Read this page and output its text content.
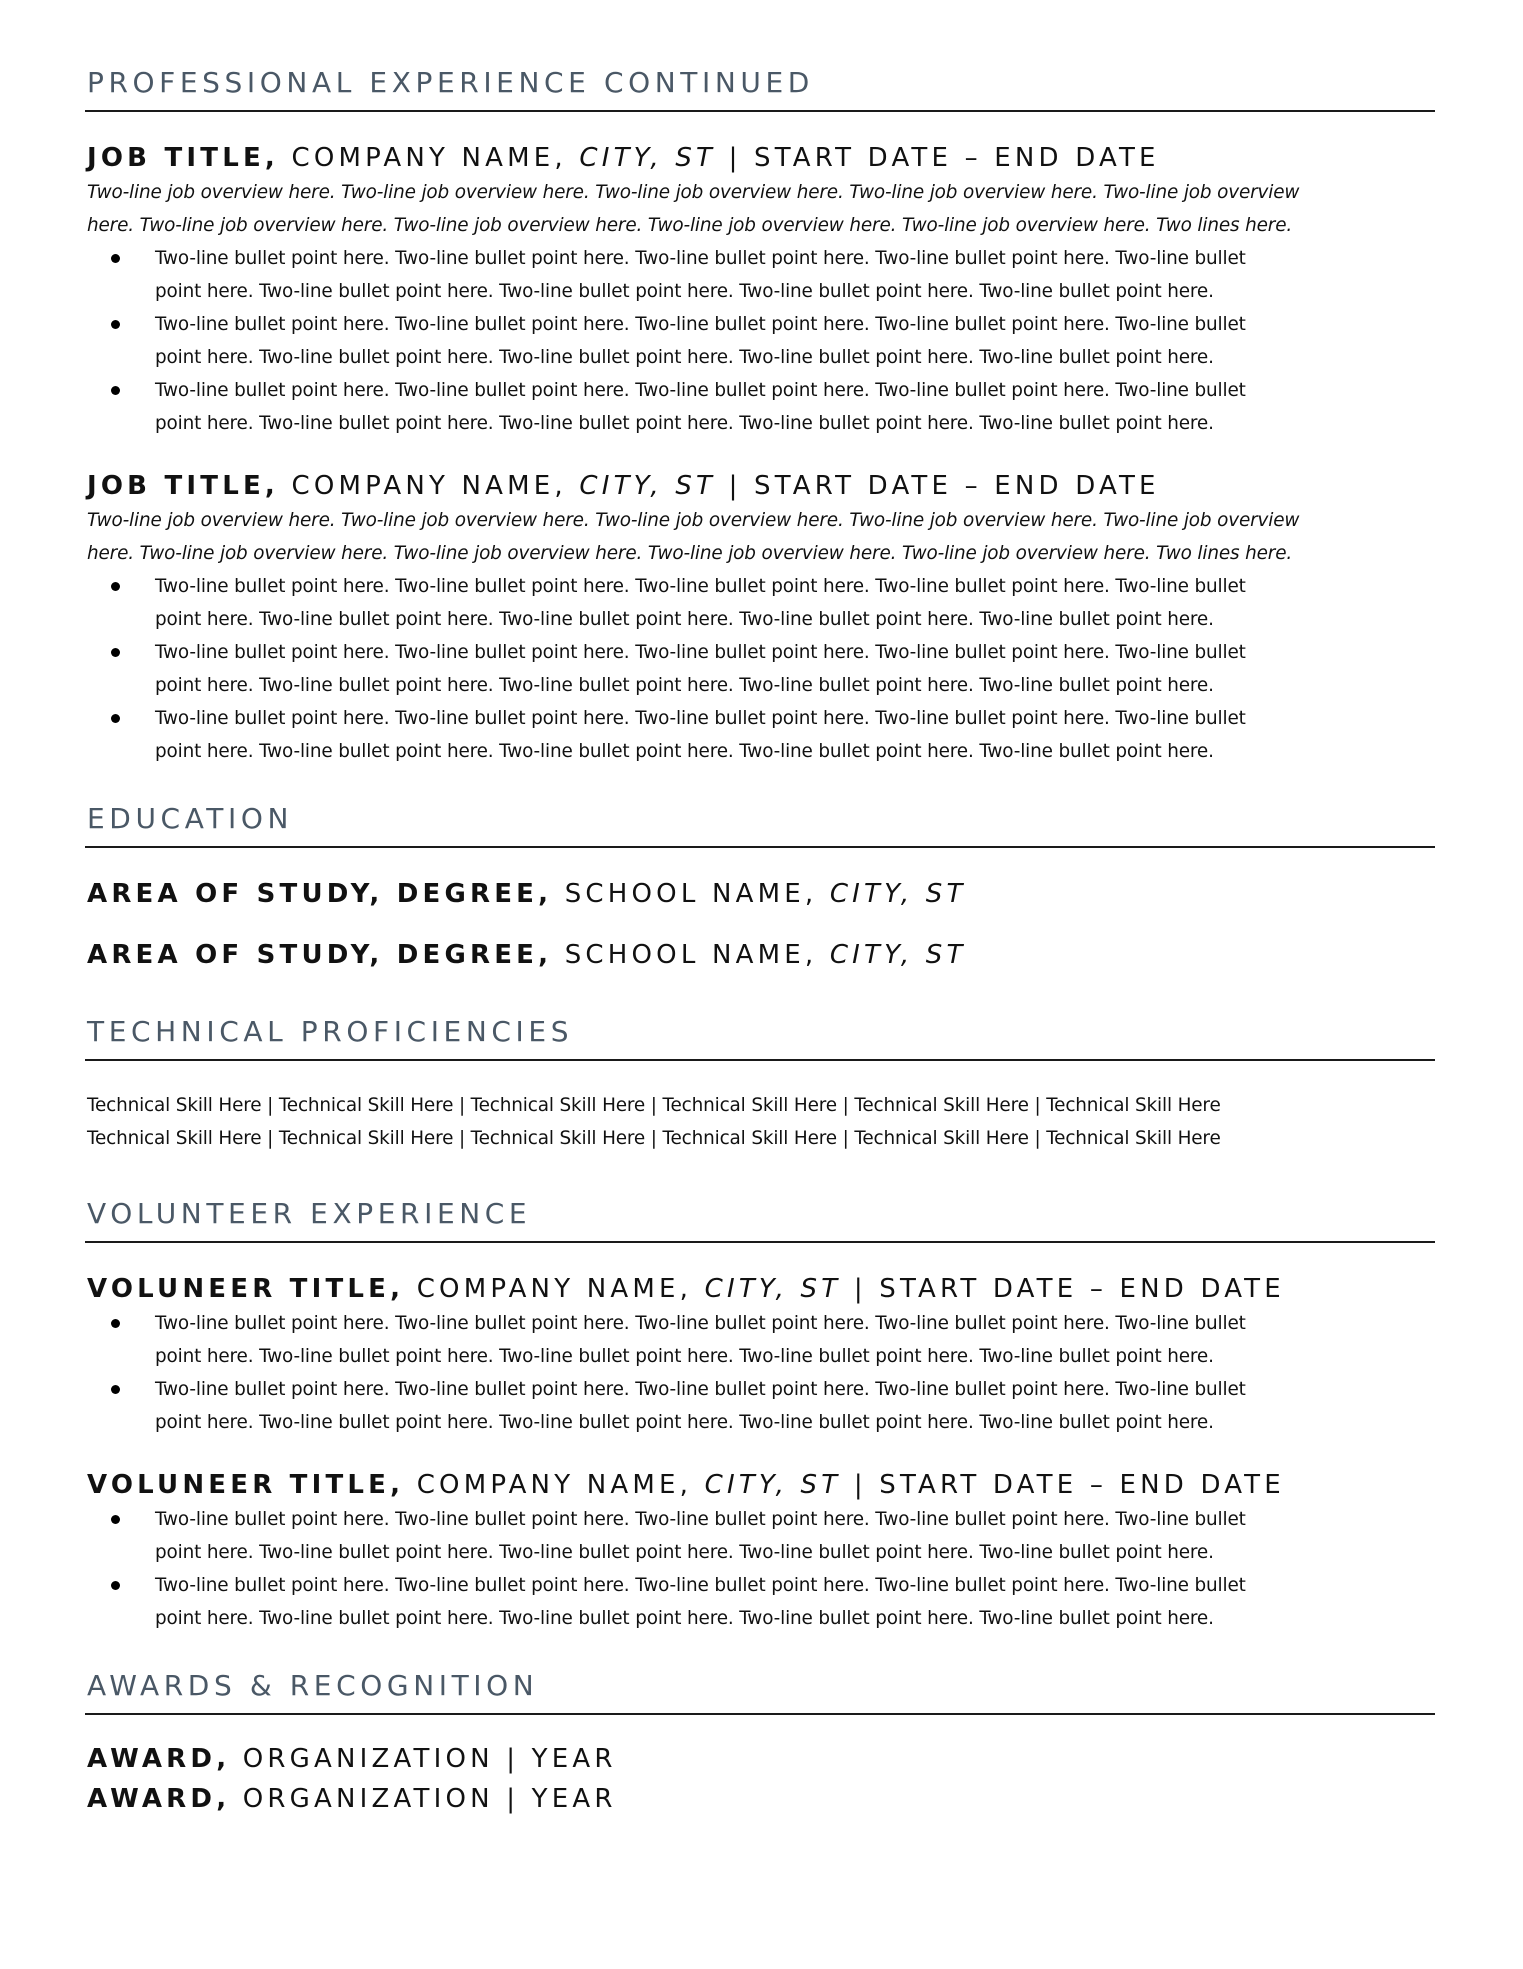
PROFESSIONAL EXPERIENCE CONTINUED
JOB TITLE, COMPANY NAME, CITY, ST | START DATE – END DATE
Two-line job overview here. Two-line job overview here. Two-line job overview here. Two-line job overview here. Two-line job overview
here. Two-line job overview here. Two-line job overview here. Two-line job overview here. Two-line job overview here. Two lines here.
Two-line bullet point here. Two-line bullet point here. Two-line bullet point here. Two-line bullet point here. Two-line bullet
point here. Two-line bullet point here. Two-line bullet point here. Two-line bullet point here. Two-line bullet point here.
Two-line bullet point here. Two-line bullet point here. Two-line bullet point here. Two-line bullet point here. Two-line bullet
point here. Two-line bullet point here. Two-line bullet point here. Two-line bullet point here. Two-line bullet point here.
Two-line bullet point here. Two-line bullet point here. Two-line bullet point here. Two-line bullet point here. Two-line bullet
point here. Two-line bullet point here. Two-line bullet point here. Two-line bullet point here. Two-line bullet point here.
JOB TITLE, COMPANY NAME, CITY, ST | START DATE – END DATE
Two-line job overview here. Two-line job overview here. Two-line job overview here. Two-line job overview here. Two-line job overview
here. Two-line job overview here. Two-line job overview here. Two-line job overview here. Two-line job overview here. Two lines here.
Two-line bullet point here. Two-line bullet point here. Two-line bullet point here. Two-line bullet point here. Two-line bullet
point here. Two-line bullet point here. Two-line bullet point here. Two-line bullet point here. Two-line bullet point here.
Two-line bullet point here. Two-line bullet point here. Two-line bullet point here. Two-line bullet point here. Two-line bullet
point here. Two-line bullet point here. Two-line bullet point here. Two-line bullet point here. Two-line bullet point here.
Two-line bullet point here. Two-line bullet point here. Two-line bullet point here. Two-line bullet point here. Two-line bullet
point here. Two-line bullet point here. Two-line bullet point here. Two-line bullet point here. Two-line bullet point here.
EDUCATION
AREA OF STUDY, DEGREE, SCHOOL NAME, CITY, ST
AREA OF STUDY, DEGREE, SCHOOL NAME, CITY, ST
TECHNICAL PROFICIENCIES
Technical Skill Here | Technical Skill Here | Technical Skill Here | Technical Skill Here | Technical Skill Here | Technical Skill Here
Technical Skill Here | Technical Skill Here | Technical Skill Here | Technical Skill Here | Technical Skill Here | Technical Skill Here
VOLUNTEER EXPERIENCE
VOLUNEER TITLE, COMPANY NAME, CITY, ST | START DATE – END DATE
Two-line bullet point here. Two-line bullet point here. Two-line bullet point here. Two-line bullet point here. Two-line bullet
point here. Two-line bullet point here. Two-line bullet point here. Two-line bullet point here. Two-line bullet point here.
Two-line bullet point here. Two-line bullet point here. Two-line bullet point here. Two-line bullet point here. Two-line bullet
point here. Two-line bullet point here. Two-line bullet point here. Two-line bullet point here. Two-line bullet point here.
VOLUNEER TITLE, COMPANY NAME, CITY, ST | START DATE – END DATE
Two-line bullet point here. Two-line bullet point here. Two-line bullet point here. Two-line bullet point here. Two-line bullet
point here. Two-line bullet point here. Two-line bullet point here. Two-line bullet point here. Two-line bullet point here.
Two-line bullet point here. Two-line bullet point here. Two-line bullet point here. Two-line bullet point here. Two-line bullet
point here. Two-line bullet point here. Two-line bullet point here. Two-line bullet point here. Two-line bullet point here.
AWARDS & RECOGNITION
AWARD, ORGANIZATION | YEAR
AWARD, ORGANIZATION | YEAR
